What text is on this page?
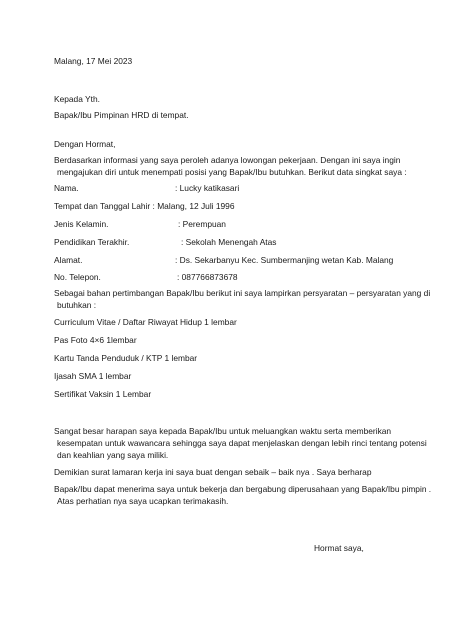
Malang, 17 Mei 2023
Kepada Yth.
Bapak/Ibu Pimpinan HRD di tempat.
Dengan Hormat,
Berdasarkan informasi yang saya peroleh adanya lowongan pekerjaan. Dengan ini saya ingin
mengajukan diri untuk menempati posisi yang Bapak/Ibu butuhkan. Berikut data singkat saya :
Nama.	: Lucky katikasari
Tempat dan Tanggal Lahir : Malang, 12 Juli 1996
Jenis Kelamin.	: Perempuan
Pendidikan Terakhir.	: Sekolah Menengah Atas
Alamat.	: Ds. Sekarbanyu Kec. Sumbermanjing wetan Kab. Malang
No. Telepon.	: 087766873678
Sebagai bahan pertimbangan Bapak/Ibu berikut ini saya lampirkan persyaratan – persyaratan yang di
butuhkan :
Curriculum Vitae / Daftar Riwayat Hidup 1 lembar
Pas Foto 4×6 1lembar
Kartu Tanda Penduduk / KTP 1 lembar
Ijasah SMA 1 lembar
Sertifikat Vaksin 1 Lembar
Sangat besar harapan saya kepada Bapak/Ibu untuk meluangkan waktu serta memberikan
kesempatan untuk wawancara sehingga saya dapat menjelaskan dengan lebih rinci tentang potensi
dan keahlian yang saya miliki.
Demikian surat lamaran kerja ini saya buat dengan sebaik – baik nya . Saya berharap
Bapak/Ibu dapat menerima saya untuk bekerja dan bergabung diperusahaan yang Bapak/Ibu pimpin .
Atas perhatian nya saya ucapkan terimakasih.
Hormat saya,
